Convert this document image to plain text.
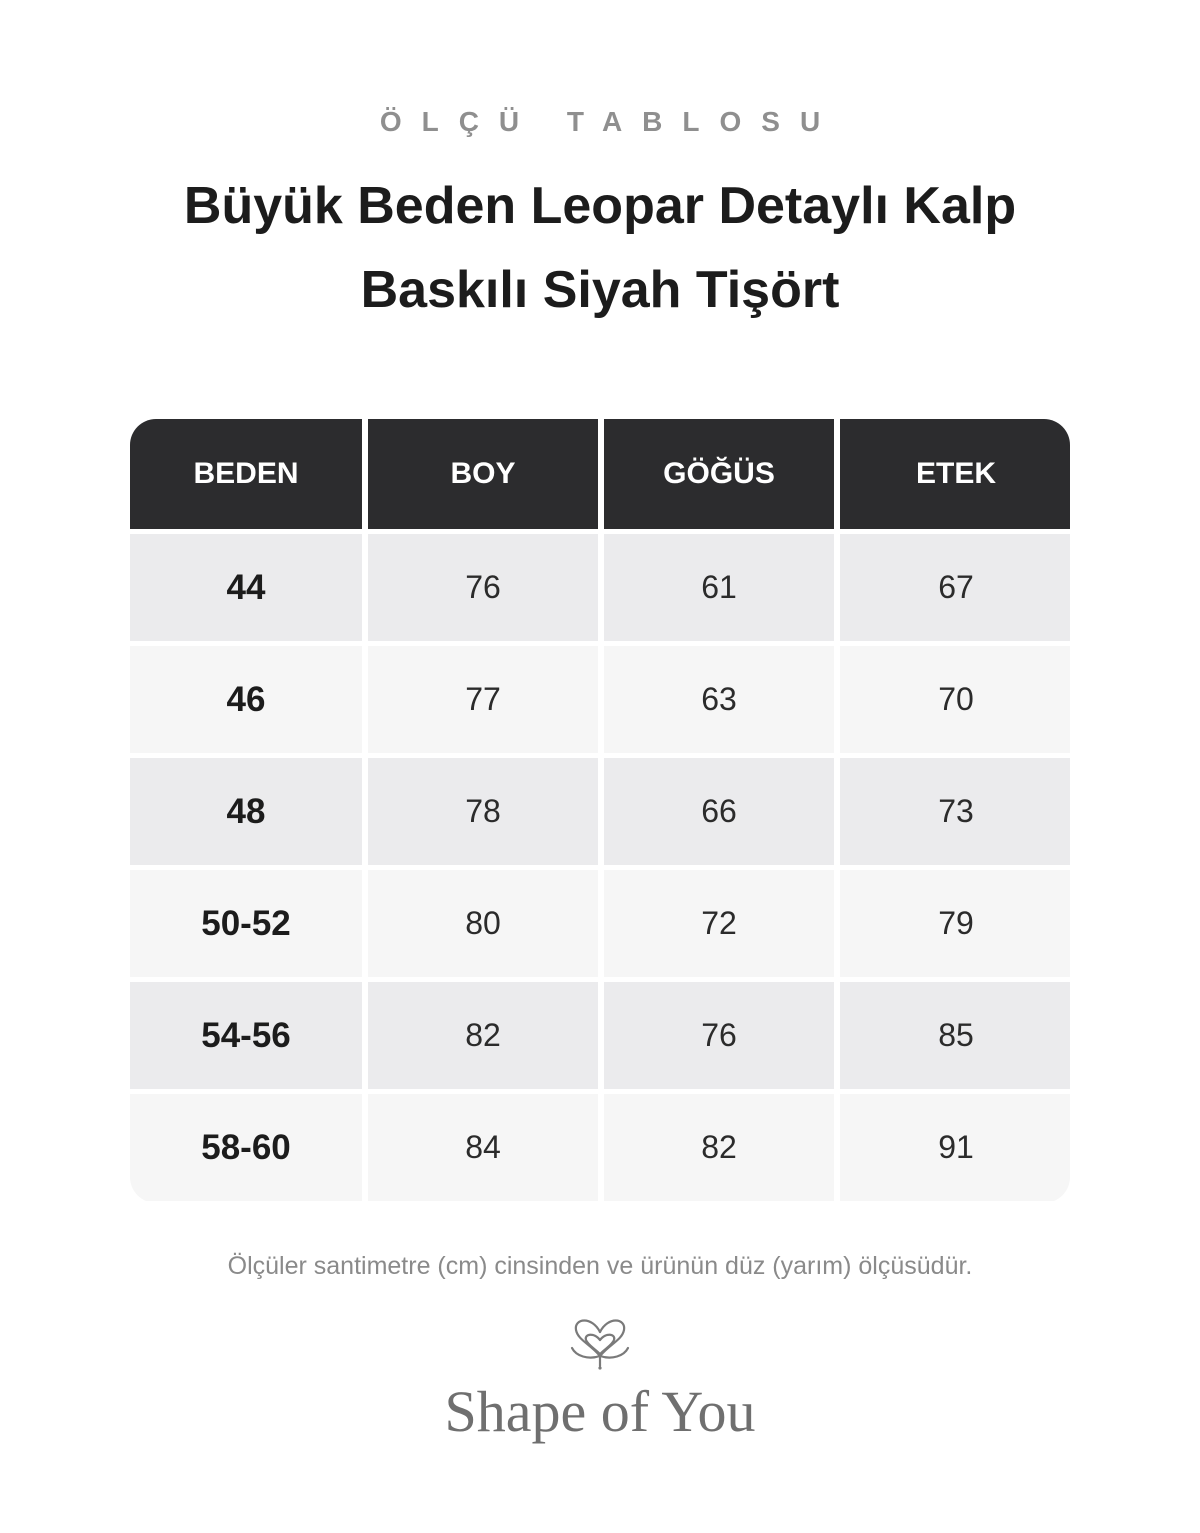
ÖLÇÜ TABLOSU
Büyük Beden Leopar Detaylı Kalp Baskılı Siyah Tişört
BEDEN	BOY	GÖĞÜS	ETEK
44	76	61	67
46	77	63	70
48	78	66	73
50-52	80	72	79
54-56	82	76	85
58-60	84	82	91
Ölçüler santimetre (cm) cinsinden ve ürünün düz (yarım) ölçüsüdür.
Shape of You
